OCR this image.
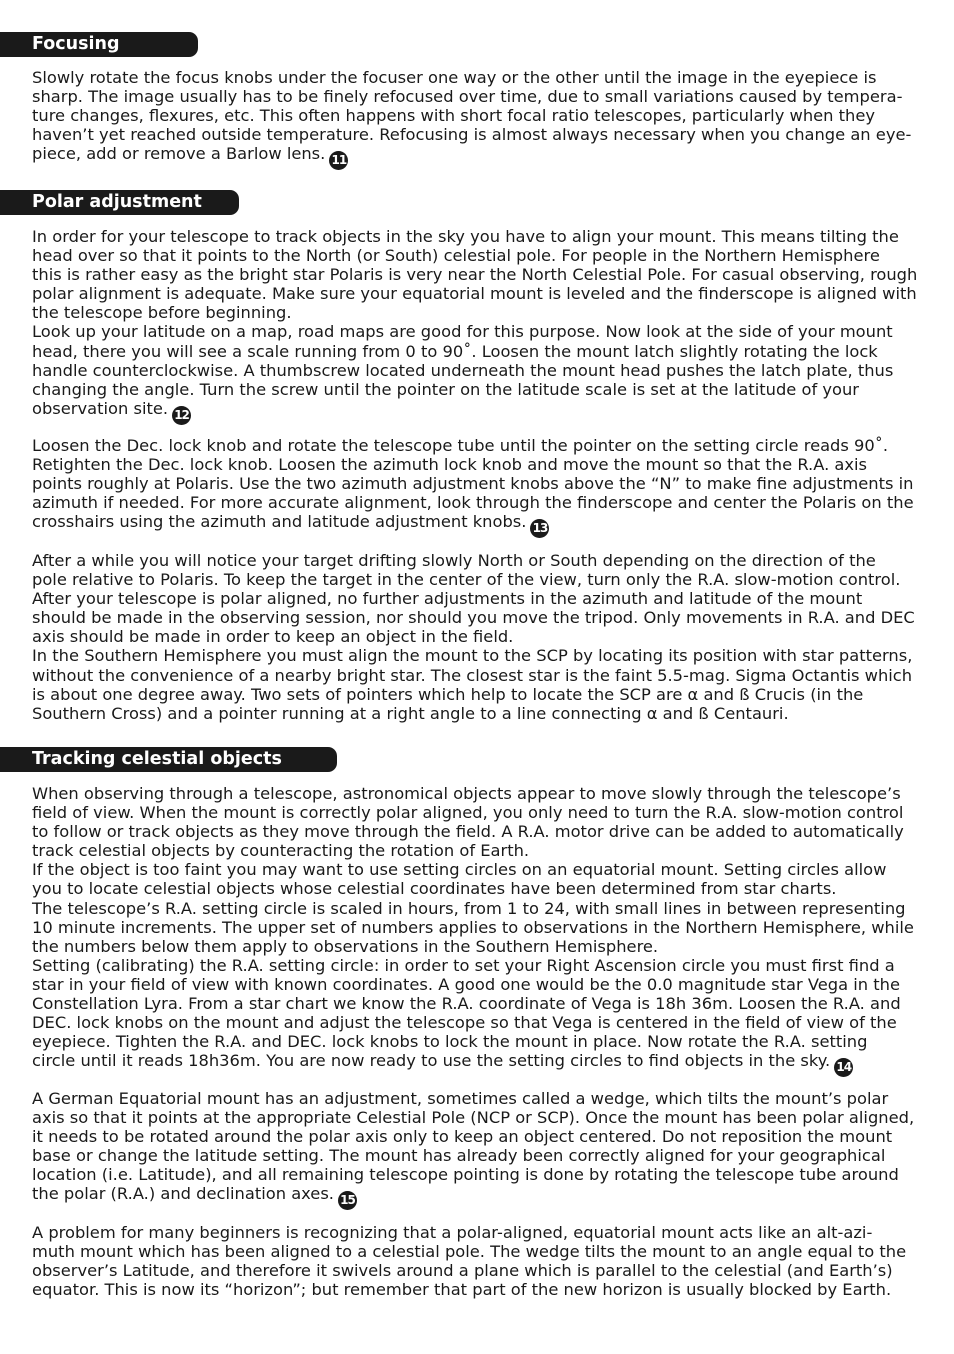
Focusing
Slowly rotate the focus knobs under the focuser one way or the other until the image in the eyepiece is
sharp. The image usually has to be finely refocused over time, due to small variations caused by tempera-
ture changes, flexures, etc. This often happens with short focal ratio telescopes, particularly when they
haven’t yet reached outside temperature. Refocusing is almost always necessary when you change an eye-
piece, add or remove a Barlow lens. 11
Polar adjustment
In order for your telescope to track objects in the sky you have to align your mount. This means tilting the
head over so that it points to the North (or South) celestial pole. For people in the Northern Hemisphere
this is rather easy as the bright star Polaris is very near the North Celestial Pole. For casual observing, rough
polar alignment is adequate. Make sure your equatorial mount is leveled and the finderscope is aligned with
the telescope before beginning.
Look up your latitude on a map, road maps are good for this purpose. Now look at the side of your mount
head, there you will see a scale running from 0 to 90˚. Loosen the mount latch slightly rotating the lock
handle counterclockwise. A thumbscrew located underneath the mount head pushes the latch plate, thus
changing the angle. Turn the screw until the pointer on the latitude scale is set at the latitude of your
observation site. 12
Loosen the Dec. lock knob and rotate the telescope tube until the pointer on the setting circle reads 90˚.
Retighten the Dec. lock knob. Loosen the azimuth lock knob and move the mount so that the R.A. axis
points roughly at Polaris. Use the two azimuth adjustment knobs above the “N” to make fine adjustments in
azimuth if needed. For more accurate alignment, look through the finderscope and center the Polaris on the
crosshairs using the azimuth and latitude adjustment knobs. 13
After a while you will notice your target drifting slowly North or South depending on the direction of the
pole relative to Polaris. To keep the target in the center of the view, turn only the R.A. slow-motion control.
After your telescope is polar aligned, no further adjustments in the azimuth and latitude of the mount
should be made in the observing session, nor should you move the tripod. Only movements in R.A. and DEC
axis should be made in order to keep an object in the field.
In the Southern Hemisphere you must align the mount to the SCP by locating its position with star patterns,
without the convenience of a nearby bright star. The closest star is the faint 5.5-mag. Sigma Octantis which
is about one degree away. Two sets of pointers which help to locate the SCP are α and ß Crucis (in the
Southern Cross) and a pointer running at a right angle to a line connecting α and ß Centauri.
Tracking celestial objects
When observing through a telescope, astronomical objects appear to move slowly through the telescope’s
field of view. When the mount is correctly polar aligned, you only need to turn the R.A. slow-motion control
to follow or track objects as they move through the field. A R.A. motor drive can be added to automatically
track celestial objects by counteracting the rotation of Earth.
If the object is too faint you may want to use setting circles on an equatorial mount. Setting circles allow
you to locate celestial objects whose celestial coordinates have been determined from star charts.
The telescope’s R.A. setting circle is scaled in hours, from 1 to 24, with small lines in between representing
10 minute increments. The upper set of numbers applies to observations in the Northern Hemisphere, while
the numbers below them apply to observations in the Southern Hemisphere.
Setting (calibrating) the R.A. setting circle: in order to set your Right Ascension circle you must first find a
star in your field of view with known coordinates. A good one would be the 0.0 magnitude star Vega in the
Constellation Lyra. From a star chart we know the R.A. coordinate of Vega is 18h 36m. Loosen the R.A. and
DEC. lock knobs on the mount and adjust the telescope so that Vega is centered in the field of view of the
eyepiece. Tighten the R.A. and DEC. lock knobs to lock the mount in place. Now rotate the R.A. setting
circle until it reads 18h36m. You are now ready to use the setting circles to find objects in the sky. 14
A German Equatorial mount has an adjustment, sometimes called a wedge, which tilts the mount’s polar
axis so that it points at the appropriate Celestial Pole (NCP or SCP). Once the mount has been polar aligned,
it needs to be rotated around the polar axis only to keep an object centered. Do not reposition the mount
base or change the latitude setting. The mount has already been correctly aligned for your geographical
location (i.e. Latitude), and all remaining telescope pointing is done by rotating the telescope tube around
the polar (R.A.) and declination axes. 15
A problem for many beginners is recognizing that a polar-aligned, equatorial mount acts like an alt-azi-
muth mount which has been aligned to a celestial pole. The wedge tilts the mount to an angle equal to the
observer’s Latitude, and therefore it swivels around a plane which is parallel to the celestial (and Earth’s)
equator. This is now its “horizon”; but remember that part of the new horizon is usually blocked by Earth.
